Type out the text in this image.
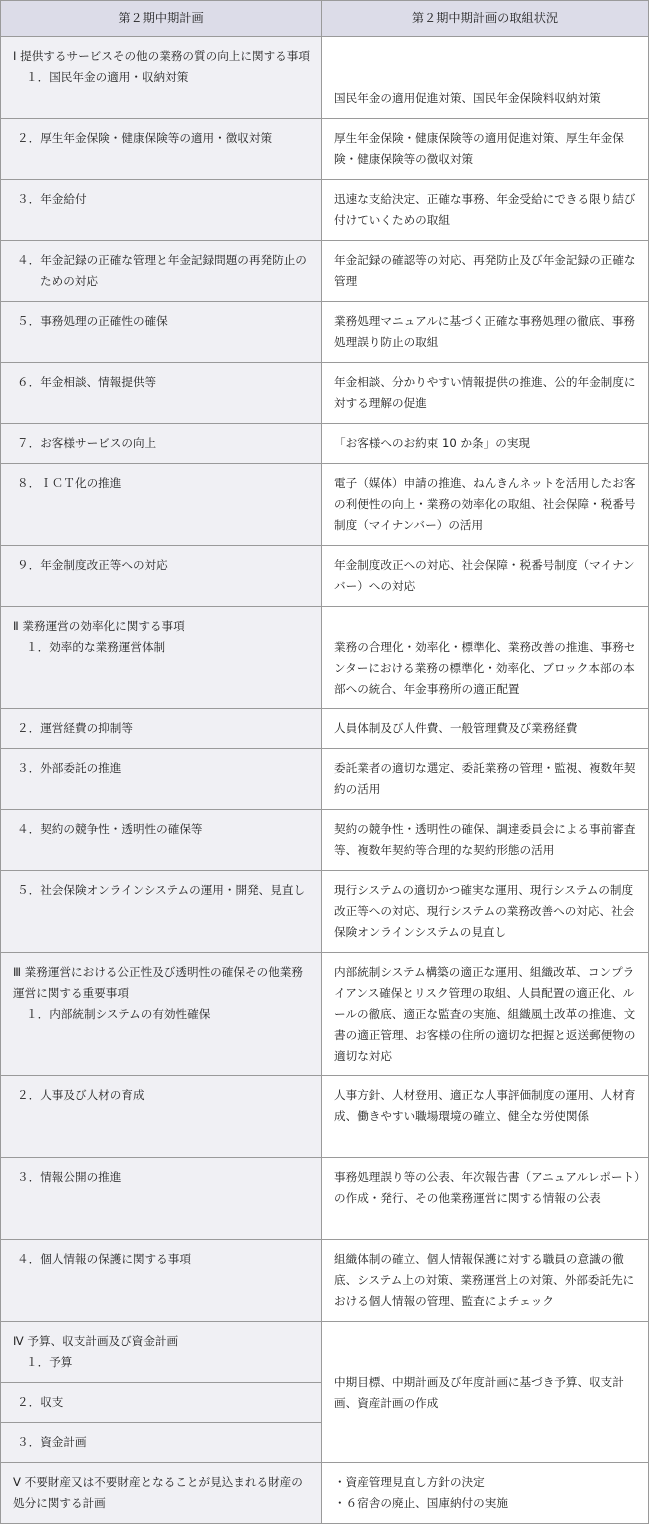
第２期中期計画	第２期中期計画の取組状況

Ⅰ 提供するサービスその他の業務の質の向上に関する事項
１．国民年金の適用・収納対策	国民年金の適用促進対策、国民年金保険料収納対策

２．厚生年金保険・健康保険等の適用・徴収対策	厚生年金保険・健康保険等の適用促進対策、厚生年金保険・健康保険等の徴収対策

３．年金給付	迅速な支給決定、正確な事務、年金受給にできる限り結び付けていくための取組

４．年金記録の正確な管理と年金記録問題の再発防止のための対応	年金記録の確認等の対応、再発防止及び年金記録の正確な管理

５．事務処理の正確性の確保	業務処理マニュアルに基づく正確な事務処理の徹底、事務処理誤り防止の取組

６．年金相談、情報提供等	年金相談、分かりやすい情報提供の推進、公的年金制度に対する理解の促進

７．お客様サービスの向上	「お客様へのお約束 10 か条」の実現

８．ＩＣＴ化の推進	電子（媒体）申請の推進、ねんきんネットを活用したお客の利便性の向上・業務の効率化の取組、社会保障・税番号制度（マイナンバー）の活用

９．年金制度改正等への対応	年金制度改正への対応、社会保障・税番号制度（マイナンバー）への対応

Ⅱ 業務運営の効率化に関する事項
１．効率的な業務運営体制	業務の合理化・効率化・標準化、業務改善の推進、事務センターにおける業務の標準化・効率化、ブロック本部の本部への統合、年金事務所の適正配置

２．運営経費の抑制等	人員体制及び人件費、一般管理費及び業務経費

３．外部委託の推進	委託業者の適切な選定、委託業務の管理・監視、複数年契約の活用

４．契約の競争性・透明性の確保等	契約の競争性・透明性の確保、調達委員会による事前審査等、複数年契約等合理的な契約形態の活用

５．社会保険オンラインシステムの運用・開発、見直し	現行システムの適切かつ確実な運用、現行システムの制度改正等への対応、現行システムの業務改善への対応、社会保険オンラインシステムの見直し

Ⅲ 業務運営における公正性及び透明性の確保その他業務運営に関する重要事項
１．内部統制システムの有効性確保	内部統制システム構築の適正な運用、組織改革、コンプライアンス確保とリスク管理の取組、人員配置の適正化、ルールの徹底、適正な監査の実施、組織風土改革の推進、文書の適正管理、お客様の住所の適切な把握と返送郵便物の適切な対応

２．人事及び人材の育成	人事方針、人材登用、適正な人事評価制度の運用、人材育成、働きやすい職場環境の確立、健全な労使関係

３．情報公開の推進	事務処理誤り等の公表、年次報告書（アニュアルレポート）の作成・発行、その他業務運営に関する情報の公表

４．個人情報の保護に関する事項	組織体制の確立、個人情報保護に対する職員の意識の徹底、システム上の対策、業務運営上の対策、外部委託先における個人情報の管理、監査によチェック

Ⅳ 予算、収支計画及び資金計画
１．予算	中期目標、中期計画及び年度計画に基づき予算、収支計画、資産計画の作成

２．収支	

３．資金計画	

Ⅴ 不要財産又は不要財産となることが見込まれる財産の処分に関する計画	・資産管理見直し方針の決定
・６宿舎の廃止、国庫納付の実施
